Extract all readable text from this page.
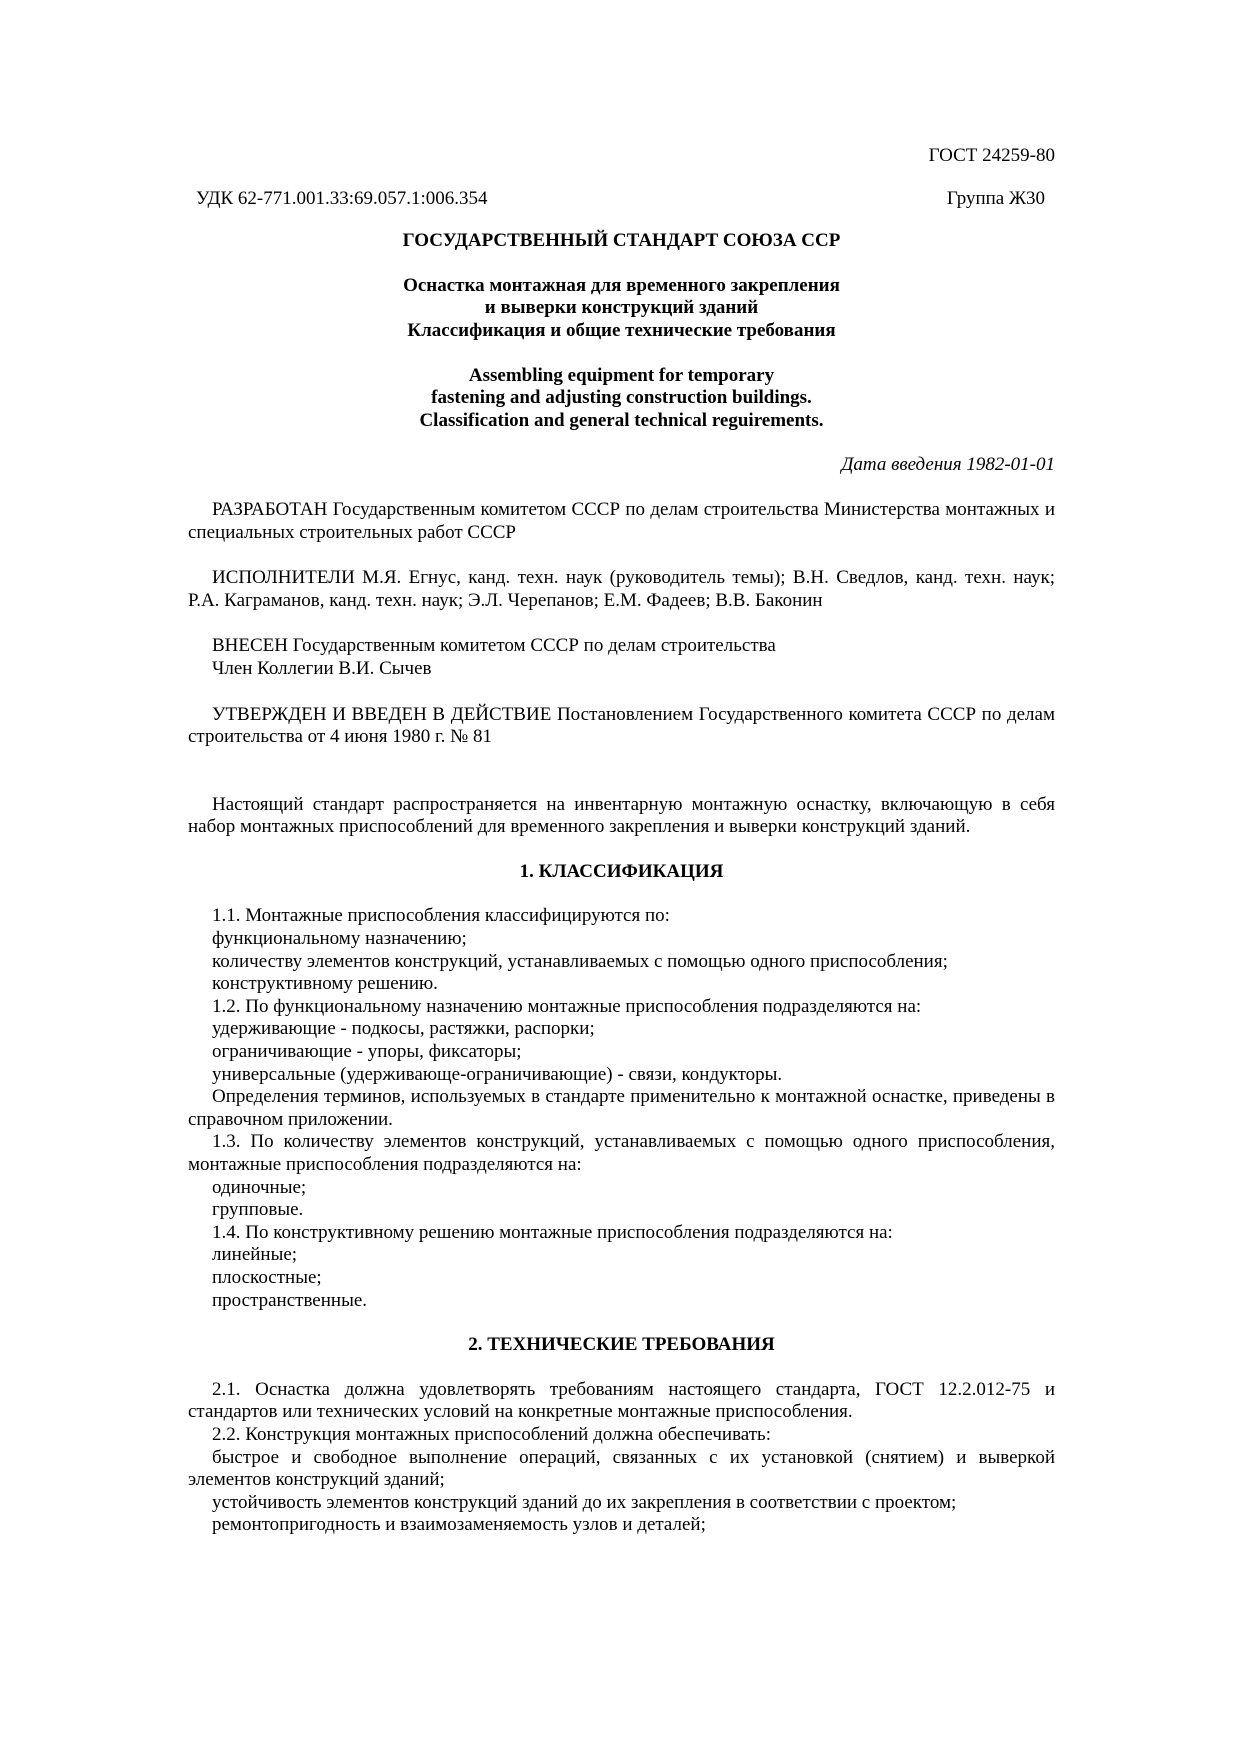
ГОСТ 24259-80
УДК 62-771.001.33:69.057.1:006.354	Группа Ж30
ГОСУДАРСТВЕННЫЙ СТАНДАРТ СОЮЗА ССР
Оснастка монтажная для временного закрепления
и выверки конструкций зданий
Классификация и общие технические требования
Assembling equipment for temporary
fastening and adjusting construction buildings.
Classification and general technical reguirements.
Дата введения 1982-01-01

РАЗРАБОТАН Государственным комитетом СССР по делам строительства Министерства монтажных и специальных строительных работ СССР

ИСПОЛНИТЕЛИ М.Я. Егнус, канд. техн. наук (руководитель темы); В.Н. Сведлов, канд. техн. наук; Р.А. Каграманов, канд. техн. наук; Э.Л. Черепанов; Е.М. Фадеев; В.В. Баконин

ВНЕСЕН Государственным комитетом СССР по делам строительства

Член Коллегии В.И. Сычев

УТВЕРЖДЕН И ВВЕДЕН В ДЕЙСТВИЕ Постановлением Государственного комитета СССР по делам строительства от 4 июня 1980 г. № 81

Настоящий стандарт распространяется на инвентарную монтажную оснастку, включающую в себя набор монтажных приспособлений для временного закрепления и выверки конструкций зданий.

1. КЛАССИФИКАЦИЯ

1.1. Монтажные приспособления классифицируются по:

функциональному назначению;

количеству элементов конструкций, устанавливаемых с помощью одного приспособления;

конструктивному решению.

1.2. По функциональному назначению монтажные приспособления подразделяются на:

удерживающие - подкосы, растяжки, распорки;

ограничивающие - упоры, фиксаторы;

универсальные (удерживающе-ограничивающие) - связи, кондукторы.

Определения терминов, используемых в стандарте применительно к монтажной оснастке, приведены в справочном приложении.

1.3. По количеству элементов конструкций, устанавливаемых с помощью одного приспособления, монтажные приспособления подразделяются на:

одиночные;

групповые.

1.4. По конструктивному решению монтажные приспособления подразделяются на:

линейные;

плоскостные;

пространственные.

2. ТЕХНИЧЕСКИЕ ТРЕБОВАНИЯ

2.1. Оснастка должна удовлетворять требованиям настоящего стандарта, ГОСТ 12.2.012-75 и стандартов или технических условий на конкретные монтажные приспособления.

2.2. Конструкция монтажных приспособлений должна обеспечивать:

быстрое и свободное выполнение операций, связанных с их установкой (снятием) и выверкой элементов конструкций зданий;

устойчивость элементов конструкций зданий до их закрепления в соответствии с проектом;

ремонтопригодность и взаимозаменяемость узлов и деталей;
